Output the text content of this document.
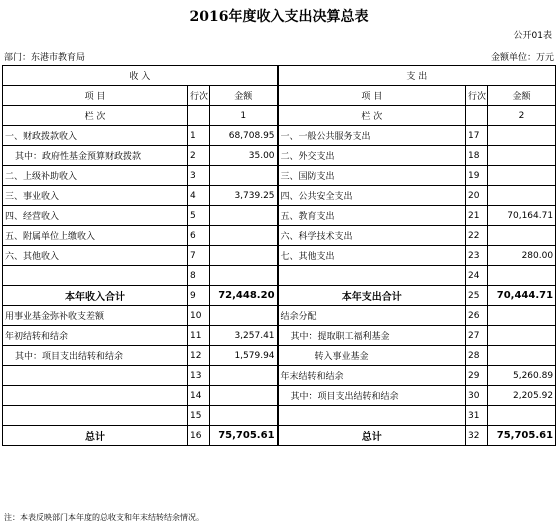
2016年度收入支出决算总表
公开01表
部门：东港市教育局	金额单位：万元
收 入			支 出		
项 目	行次	金额	项 目	行次	金额
栏 次		1	栏 次		2
一、财政拨款收入	1	68,708.95	一、一般公共服务支出	17	
其中：政府性基金预算财政拨款	2	35.00	二、外交支出	18	
二、上级补助收入	3		三、国防支出	19	
三、事业收入	4	3,739.25	四、公共安全支出	20	
四、经营收入	5		五、教育支出	21	70,164.71
五、附属单位上缴收入	6		六、科学技术支出	22	
六、其他收入	7		七、其他支出	23	280.00
	8			24	
本年收入合计	9	72,448.20	本年支出合计	25	70,444.71
用事业基金弥补收支差额	10		结余分配	26	
年初结转和结余	11	3,257.41	其中：提取职工福利基金	27	
其中：项目支出结转和结余	12	1,579.94	转入事业基金	28	
	13		年末结转和结余	29	5,260.89
	14		其中：项目支出结转和结余	30	2,205.92
	15			31	
总计	16	75,705.61	总计	32	75,705.61
注：本表反映部门本年度的总收支和年末结转结余情况。
